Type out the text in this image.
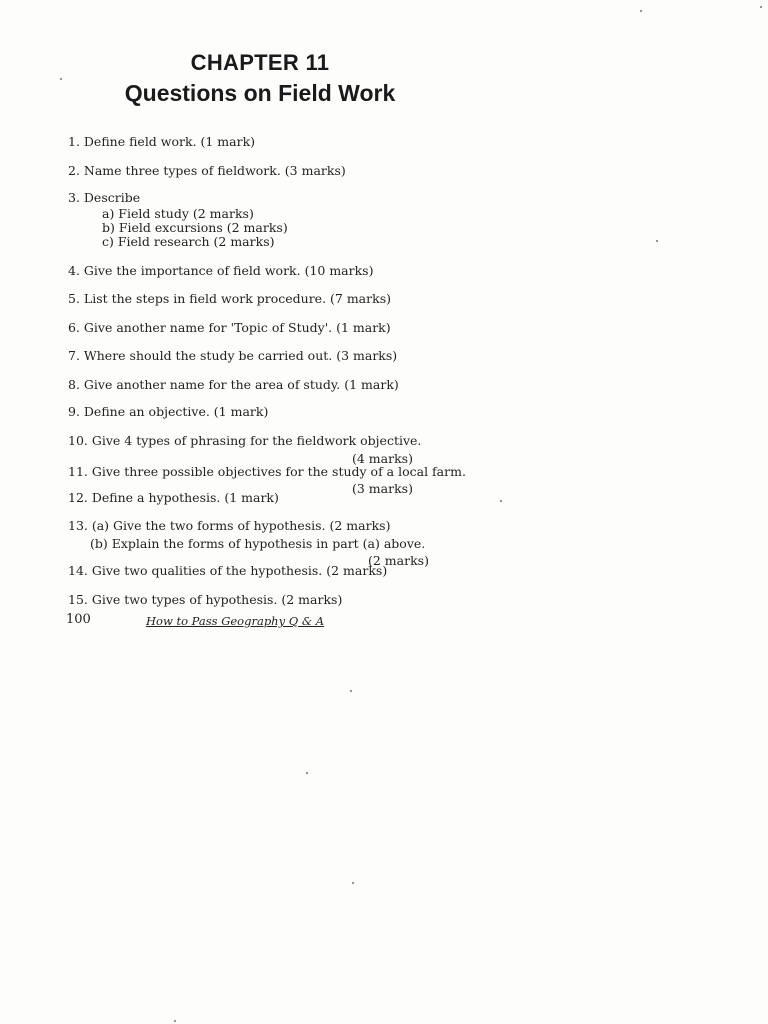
CHAPTER 11
Questions on Field Work
1. Define field work. (1 mark)
2. Name three types of fieldwork. (3 marks)
3. Describe
a) Field study (2 marks)
b) Field excursions (2 marks)
c) Field research (2 marks)
4. Give the importance of field work. (10 marks)
5. List the steps in field work procedure. (7 marks)
6. Give another name for 'Topic of Study'. (1 mark)
7. Where should the study be carried out. (3 marks)
8. Give another name for the area of study. (1 mark)
9. Define an objective. (1 mark)
10. Give 4 types of phrasing for the fieldwork objective.
(4 marks)
11. Give three possible objectives for the study of a local farm.
(3 marks)
12. Define a hypothesis. (1 mark)
13. (a) Give the two forms of hypothesis. (2 marks)
(b) Explain the forms of hypothesis in part (a) above.
(2 marks)
14. Give two qualities of the hypothesis. (2 marks)
15. Give two types of hypothesis. (2 marks)
100	How to Pass Geography Q & A
